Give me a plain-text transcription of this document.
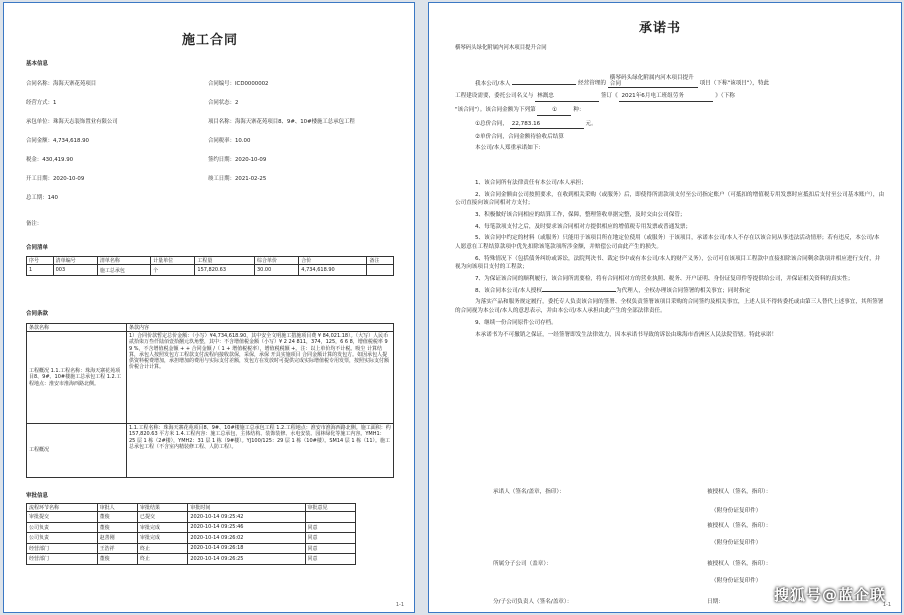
施工合同
基本信息
合同名称：海海天寨花苑项目	合同编号：ICD0000002
经营方式：1	合同状态：2
承包单位：珠海天志装饰置业有限公司	项目名称：海海天寨花苑项目8、9#、10#楼施工总承包工程
合同金额：4,734,618.90	合同税率：10.00
税金：430,419.90	签约日期：2020-10-09
开工日期：2020-10-09	竣工日期：2021-02-25
总工期：140
备注：
合同清单
序号	清单编号	清单名称	计量单位	工程量	综合单价	合价	备注
1	003	施工总承包	个	157,820.63	30.00	4,734,618.90	
合同条款
条款名称	条款内容
工程概况 1.1.工程名称：珠海天寨花苑项目8、9#、10#楼施工总承包工程 1.2.工程地点：淮安市淮海西路北侧。	1）合同价款暂定总价金额：（小写）¥4,734,618.90，其中安全文明施工措施项目费 ¥ 84,021.18）。（大写）人民币 贰拾柒万叁仟陆佰壹拾捌元玖角整，其中：不含增值税金额（小写）¥ 2 24 811，374，125，6 6 8，增值税税率 9 9 %，不含增值税金额 + + 合同金额 /（ 1 + 增值税税率），增值税税额 +。注：以上单价均不计税。吸尘 计算结算，承包人按照发包方工程款支付流程向接收款保，采保，承保 开具实施项目 合同金额计算的发包方。如因承包人提供资料税费增加，承担增加的费用与实际支付差额，发包方在发放时可提供完成实际增值税专用发票，按照实际支付额价税合计计算。
工程概况	1.1.工程名称：珠海天寨花苑项目8、9#、10#楼施工总承包工程 1.2.工程地点：淮安市淮海西路北侧。施工面积：约 157,820.63 平方米 1.4.工程内容：施工总承包，主体结构、装饰装修、水电安装、园林绿化等施工内容。YMH1：25 层 1 栋（2#楼），YMH2：31 层 1 栋（9#楼）。YJ100/125：29 层 1 栋（10#楼）。SM14 层 1 栋（11）。施工总承包工程（不含室内精装修工程、人防工程）。
审批信息
流程环节名称	审批人	审批结果	审批时间	审批意见
审批提交	董俊	已提交	2020-10-14 09:25:42	
公司负责	董俊	审批完成	2020-10-14 09:25:46	同意
公司负责	赵善刚	审批完成	2020-10-14 09:26:02	同意
经营部门	王浩祥	终止	2020-10-14 09:26:18	同意
经营部门	董俊	终止	2020-10-14 09:26:25	同意
1-1
承诺书
横琴码头绿化附属内河木项目提升合同
我本公司/本人	经营管理的 横琴码头绿化附属内河木项目提升合同	项目（下称"该项目"），特此
工程建设需要，委托公司名义与 林溉忠	签订《 2021年6月电工班组劳务	》（下称
"该合同"）。该合同金额为下列第	①	种：
①总价合同， 22,783.16	元。
②单价合同，合同金额待验收后结算
本公司/本人郑重承诺如下：
1、该合同所有法律责任有本公司/本人承担；
2、该合同金额由公司按照要求，在收到相关采购（或服务）后，即使得所需款项支付至公司指定账户（可抵扣的增值税专用发票时应抵扣后支付至公司基本账户），由公司直接向该合同相对方支付；
3、积极做好该合同相应的结算工作，保障，整理签收单据完整，及时交由公司保管；
4、每笔款项支付之后，及时要求该合同相对方提供相应的增值税专用发票或普通发票；
5、该合同中约定的材料（或服务）只能用于该项目所在地定位使用（或服务）于该项目，承诺本公司/本人不存在以该合同从事违法活动情形；若有违反，本公司/本人愿意在工程结算款项中优先扣除该笔款项所涉金额，并赔偿公司由此产生的损失。
6、特殊情况下（包括债务纠纷或诉讼，法院判决书、裁定书中或有本公司/本人的财产义务），公司可在该项目工程款中直接扣除该合同剩余款项并相应进行支付，并视为向该项目支付的工程款；
7、为保证该合同的顺利履行，该合同所需要检，将有合同相对方的营业执照、税务、开户证明、身份证复印件等提供给公司，并保证相关资料的真实性；
8、该合同本公司/本人授权	为代理人，全权办理该合同签署的相关事宜；同时指定
为落实产品和服务规定履行，委托专人负责该合同的签署、全权负责签署该项目采购的合同签约及相关事宜，上述人员不得转委托或由第三人替代上述事宜，其所签署的合同视为本公司/本人的意思表示，并由本公司/本人承担由此产生的全部法律责任。
9、继续一份合同原件公司存档。
本承诺书为不可撤销之保证，一经签署即发生法律效力，因本承诺书导致的诉讼由珠海市香洲区人民法院管辖。特此承诺！
承诺人（签名/盖章，指印）：	被授权人（签名，指印）：
（附身份证复印件）
被授权人（签名，指印）：
（附身份证复印件）
所属分子公司（盖章）：	被授权人（签名，指印）：
（附身份证复印件）
分/子公司负责人（签名/盖章）：	日期：	1-1
搜狐号@蓝企联
